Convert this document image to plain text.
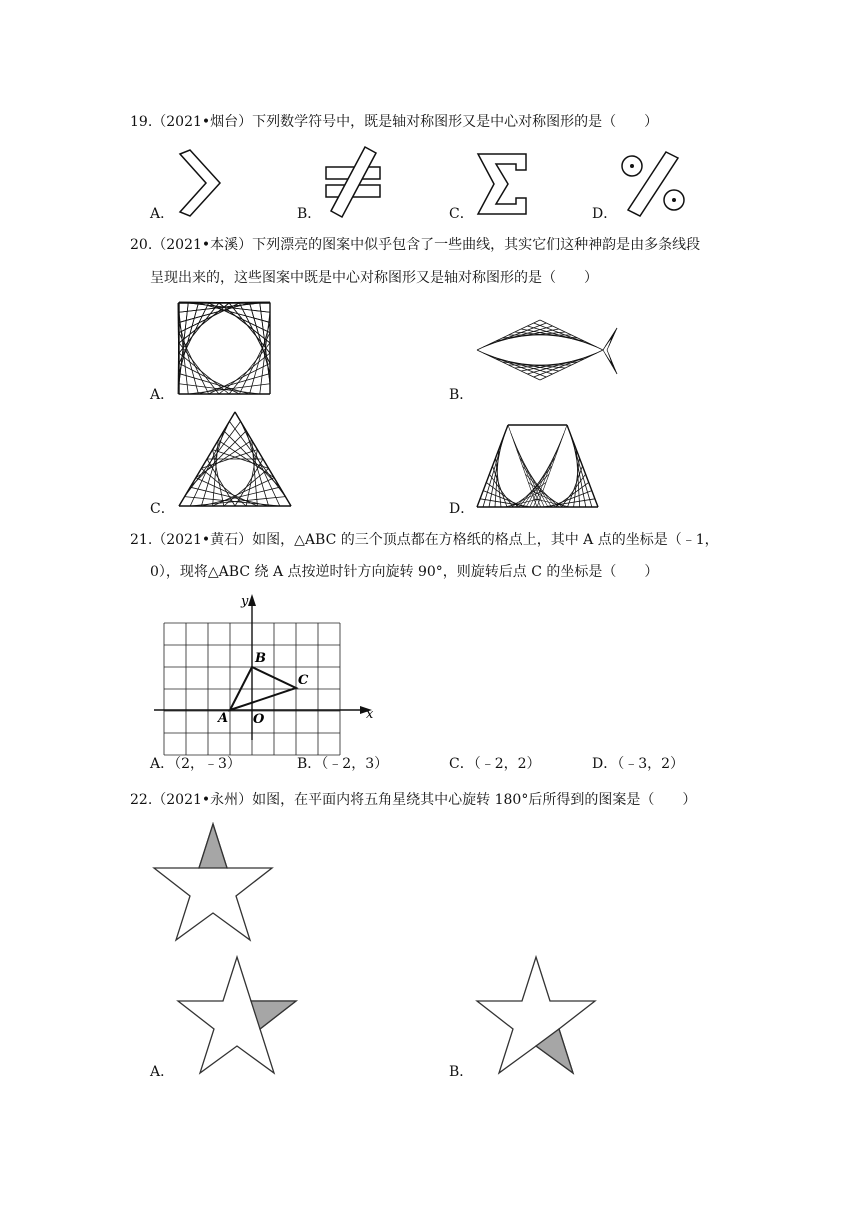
19.（2021•烟台）下列数学符号中，既是轴对称图形又是中心对称图形的是（　　）
A．	B．	C．	D．
20.（2021•本溪）下列漂亮的图案中似乎包含了一些曲线，其实它们这种神韵是由多条线段
呈现出来的，这些图案中既是中心对称图形又是轴对称图形的是（　　）
A．	B．
C．	D．
21.（2021•黄石）如图，△ABC 的三个顶点都在方格纸的格点上，其中 A 点的坐标是（﹣1，
0），现将△ABC 绕 A 点按逆时针方向旋转 90°，则旋转后点 C 的坐标是（　　）
y
x
A
B
C
O
A．（2，﹣3）	B．（﹣2，3）	C．（﹣2，2）	D．（﹣3，2）
22.（2021•永州）如图，在平面内将五角星绕其中心旋转 180°后所得到的图案是（　　）
A．	B．
